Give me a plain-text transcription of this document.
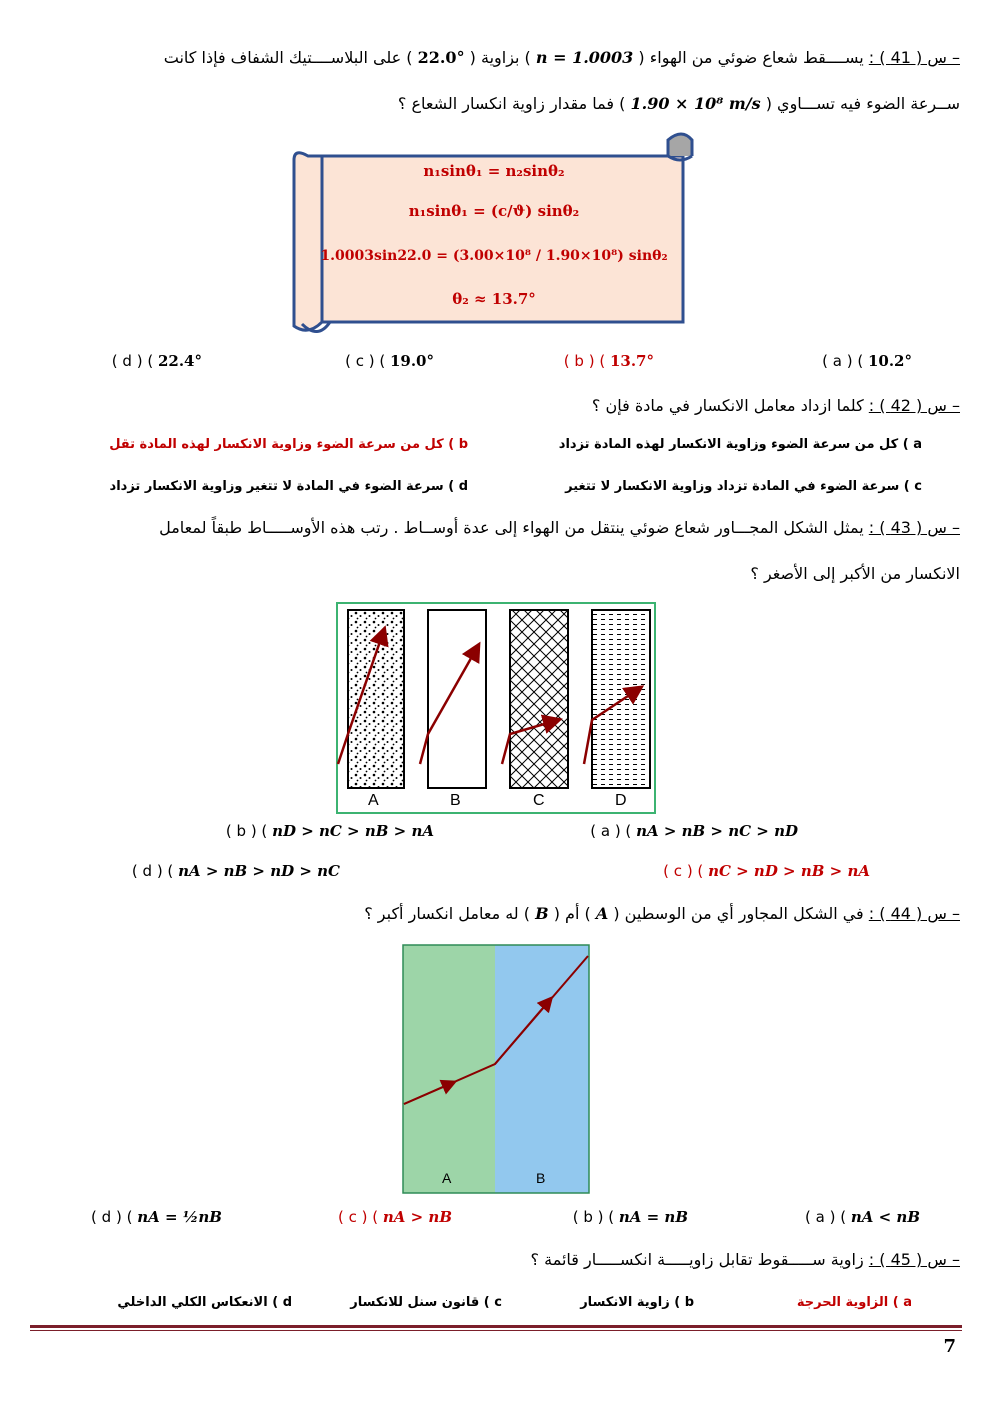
– س ( 41 ) : يســــقط شعاع ضوئي من الهواء ( n = 1.0003 ) بزاوية ( 22.0° ) على البلاســــتيك الشفاف فإذا كانت
ســرعة الضوء فيه تســـاوي ( 1.90 × 10⁸ m/s ) فما مقدار زاوية انكسار الشعاع ؟
n₁sinθ₁ = n₂sinθ₂
n₁sinθ₁ = (c/ϑ) sinθ₂
1.0003sin22.0 = (3.00×10⁸ / 1.90×10⁸) sinθ₂
θ₂ ≈ 13.7°
a ) ( 10.2° )
b ) ( 13.7° )
c ) ( 19.0° )
d ) ( 22.4° )
– س ( 42 ) : كلما ازداد معامل الانكسار في مادة فإن ؟
a ) كل من سرعة الضوء وزاوية الانكسار لهذه المادة تزداد
b ) كل من سرعة الضوء وزاوية الانكسار لهذه المادة تقل
c ) سرعة الضوء في المادة تزداد وزاوية الانكسار لا تتغير
d ) سرعة الضوء في المادة لا تتغير وزاوية الانكسار تزداد
– س ( 43 ) : يمثل الشكل المجـــاور شعاع ضوئي ينتقل من الهواء إلى عدة أوســاط . رتب هذه الأوســـــاط طبقاً لمعامل
الانكسار من الأكبر إلى الأصغر ؟
A	B	C	D
a ) ( nA > nB > nC > nD )
b ) ( nD > nC > nB > nA )
c ) ( nC > nD > nB > nA )
d ) ( nA > nB > nD > nC )
– س ( 44 ) : في الشكل المجاور أي من الوسطين ( A ) أم ( B ) له معامل انكسار أكبر ؟
A	B
a ) ( nA < nB )
b ) ( nA = nB )
c ) ( nA > nB )
d ) ( nA = ½nB )
– س ( 45 ) : زاوية ســـــقوط تقابل زاويـــــة انكســـــار قائمة ؟
a ) الزاوية الحرجة
b ) زاوية الانكسار
c ) قانون سنل للانكسار
d ) الانعكاس الكلي الداخلي
7
